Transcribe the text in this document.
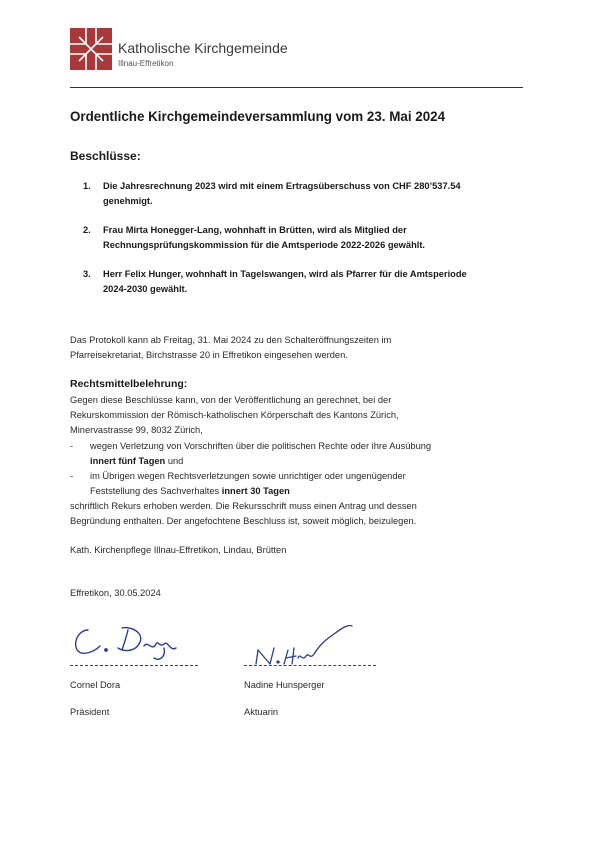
Katholische Kirchgemeinde
Illnau-Effretikon
Ordentliche Kirchgemeindeversammlung vom 23. Mai 2024
Beschlüsse:
1. Die Jahresrechnung 2023 wird mit einem Ertragsüberschuss von CHF 280’537.54
genehmigt.
2. Frau Mirta Honegger-Lang, wohnhaft in Brütten, wird als Mitglied der
Rechnungsprüfungskommission für die Amtsperiode 2022-2026 gewählt.
3. Herr Felix Hunger, wohnhaft in Tagelswangen, wird als Pfarrer für die Amtsperiode
2024-2030 gewählt.
Das Protokoll kann ab Freitag, 31. Mai 2024 zu den Schalteröffnungszeiten im
Pfarreisekretariat, Birchstrasse 20 in Effretikon eingesehen werden.
Rechtsmittelbelehrung:
Gegen diese Beschlüsse kann, von der Veröffentlichung an gerechnet, bei der
Rekurskommission der Römisch-katholischen Körperschaft des Kantons Zürich,
Minervastrasse 99, 8032 Zürich,
- wegen Verletzung von Vorschriften über die politischen Rechte oder ihre Ausübung
innert fünf Tagen und
- im Übrigen wegen Rechtsverletzungen sowie unrichtiger oder ungenügender
Feststellung des Sachverhaltes innert 30 Tagen
schriftlich Rekurs erhoben werden. Die Rekursschrift muss einen Antrag und dessen
Begründung enthalten. Der angefochtene Beschluss ist, soweit möglich, beizulegen.
Kath. Kirchenpflege Illnau-Effretikon, Lindau, Brütten
Effretikon, 30.05.2024
Cornel Dora
Präsident
Nadine Hunsperger
Aktuarin
